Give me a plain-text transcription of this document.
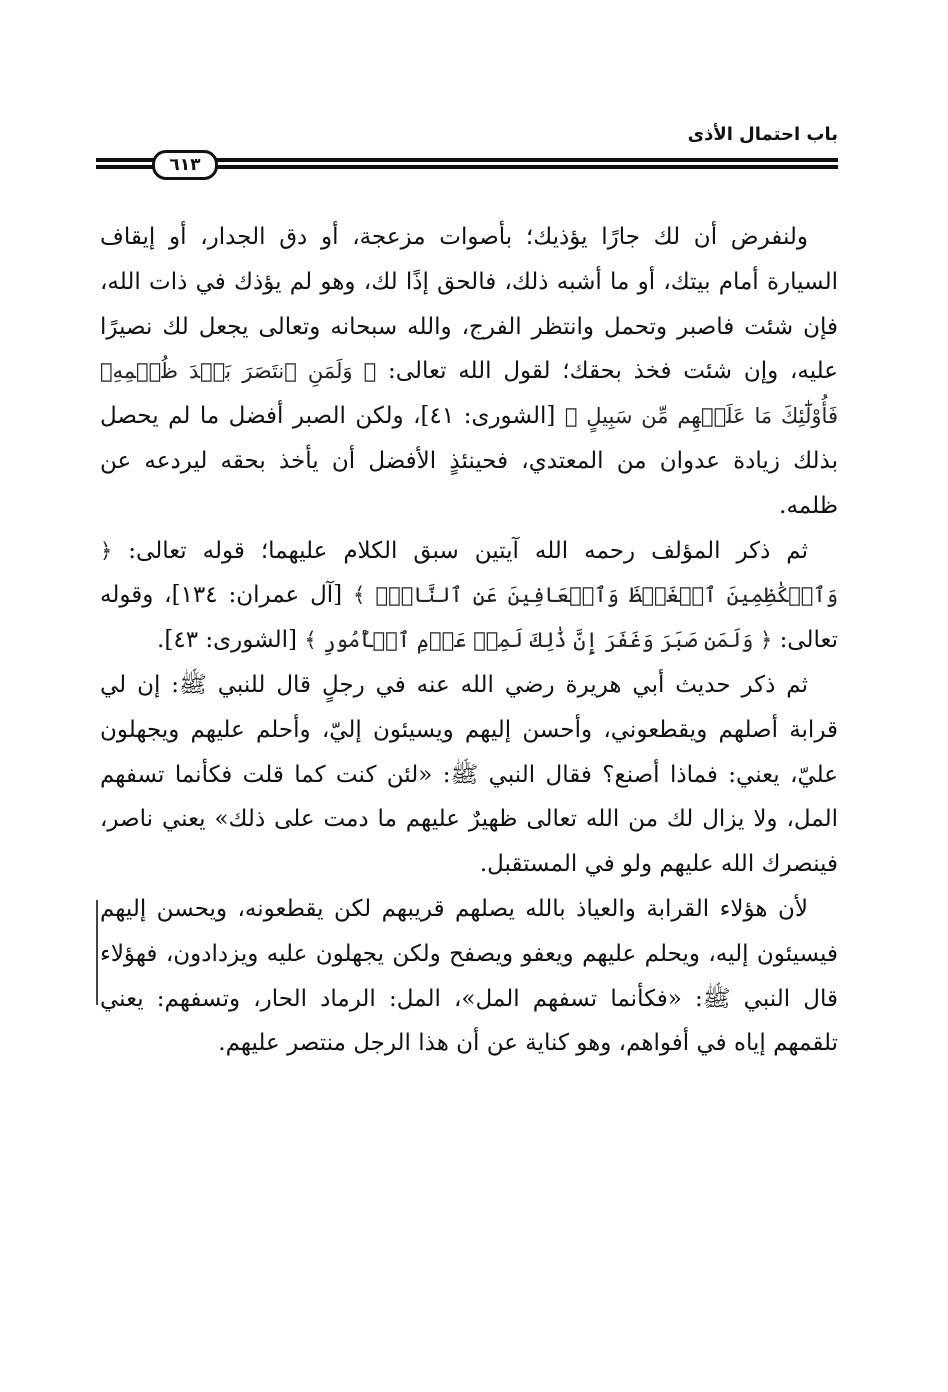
باب احتمال الأذى
٦١٣

ولنفرض أن لك جارًا يؤذيك؛ بأصوات مزعجة، أو دق الجدار، أو إيقاف السيارة أمام بيتك، أو ما أشبه ذلك، فالحق إذًا لك، وهو لم يؤذك في ذات الله، فإن شئت فاصبر وتحمل وانتظر الفرج، والله سبحانه وتعالى يجعل لك نصيرًا عليه، وإن شئت فخذ بحقك؛ لقول الله تعالى: ﴿ وَلَمَنِ ٱنتَصَرَ بَعۡدَ ظُلۡمِهِۦ فَأُوْلَٰٓئِكَ مَا عَلَيۡهِم مِّن سَبِيلٍ ﴾ [الشورى: ٤١]، ولكن الصبر أفضل ما لم يحصل بذلك زيادة عدوان من المعتدي، فحينئذٍ الأفضل أن يأخذ بحقه ليردعه عن ظلمه.

ثم ذكر المؤلف رحمه الله آيتين سبق الكلام عليهما؛ قوله تعالى: ﴿ وَٱلۡكَٰظِمِينَ ٱلۡغَيۡظَ وَٱلۡعَافِينَ عَنِ ٱلنَّاسِۗ ﴾ [آل عمران: ١٣٤]، وقوله تعالى: ﴿ وَلَمَن صَبَرَ وَغَفَرَ إِنَّ ذَٰلِكَ لَمِنۡ عَزۡمِ ٱلۡأُمُورِ ﴾ [الشورى: ٤٣].

ثم ذكر حديث أبي هريرة رضي الله عنه في رجلٍ قال للنبي ﷺ: إن لي قرابة أصلهم ويقطعوني، وأحسن إليهم ويسيئون إليّ، وأحلم عليهم ويجهلون عليّ، يعني: فماذا أصنع؟ فقال النبي ﷺ: «لئن كنت كما قلت فكأنما تسفهم المل، ولا يزال لك من الله تعالى ظهيرٌ عليهم ما دمت على ذلك» يعني ناصر، فينصرك الله عليهم ولو في المستقبل.

لأن هؤلاء القرابة والعياذ بالله يصلهم قريبهم لكن يقطعونه، ويحسن إليهم فيسيئون إليه، ويحلم عليهم ويعفو ويصفح ولكن يجهلون عليه ويزدادون، فهؤلاء قال النبي ﷺ: «فكأنما تسفهم المل»، المل: الرماد الحار، وتسفهم: يعني تلقمهم إياه في أفواهم، وهو كناية عن أن هذا الرجل منتصر عليهم.
